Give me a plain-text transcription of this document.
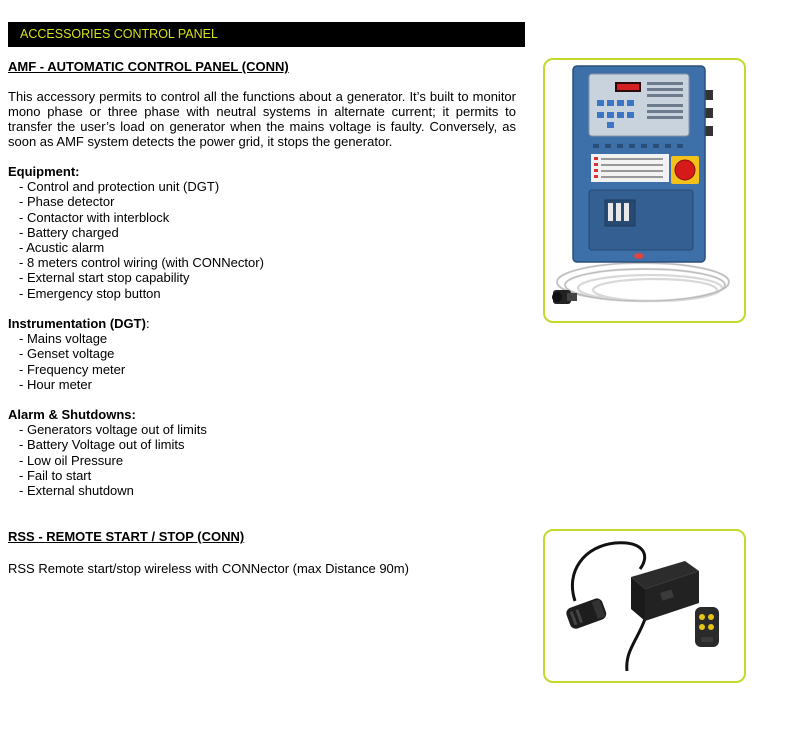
ACCESSORIES CONTROL PANEL
AMF - AUTOMATIC CONTROL PANEL (CONN)
This accessory permits to control all the functions about a generator. It’s built to monitor mono phase or three phase with neutral systems in alternate current; it permits to transfer the user’s load on generator when the mains voltage is faulty. Conversely, as soon as AMF system detects the power grid, it stops the generator.
Equipment:
- Control and protection unit (DGT)
- Phase detector
- Contactor with interblock
- Battery charged
- Acustic alarm
- 8 meters control wiring (with CONNector)
- External start stop capability
- Emergency stop button
Instrumentation (DGT):
- Mains voltage
- Genset voltage
- Frequency meter
- Hour meter
Alarm & Shutdowns:
- Generators voltage out of limits
- Battery Voltage out of limits
- Low oil Pressure
- Fail to start
- External shutdown
RSS - REMOTE START / STOP (CONN)
RSS Remote start/stop wireless with CONNector (max Distance 90m)
